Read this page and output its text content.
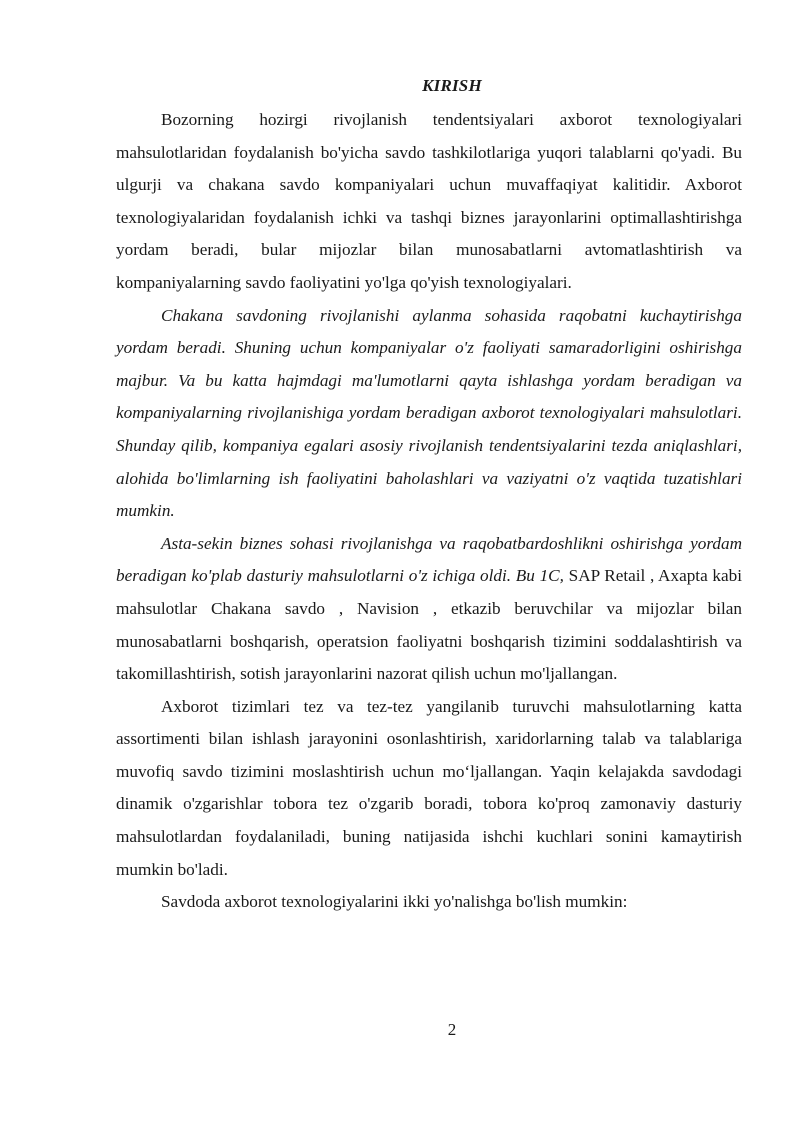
KIRISH

Bozorning hozirgi rivojlanish tendentsiyalari axborot texnologiyalari mahsulotlaridan foydalanish bo'yicha savdo tashkilotlariga yuqori talablarni qo'yadi. Bu ulgurji va chakana savdo kompaniyalari uchun muvaffaqiyat kalitidir. Axborot texnologiyalaridan foydalanish ichki va tashqi biznes jarayonlarini optimallashtirishga yordam beradi, bular mijozlar bilan munosabatlarni avtomatlashtirish va kompaniyalarning savdo faoliyatini yo'lga qo'yish texnologiyalari.

Chakana savdoning rivojlanishi aylanma sohasida raqobatni kuchaytirishga yordam beradi. Shuning uchun kompaniyalar o'z faoliyati samaradorligini oshirishga majbur. Va bu katta hajmdagi ma'lumotlarni qayta ishlashga yordam beradigan va kompaniyalarning rivojlanishiga yordam beradigan axborot texnologiyalari mahsulotlari. Shunday qilib, kompaniya egalari asosiy rivojlanish tendentsiyalarini tezda aniqlashlari, alohida bo'limlarning ish faoliyatini baholashlari va vaziyatni o'z vaqtida tuzatishlari mumkin.

Asta-sekin biznes sohasi rivojlanishga va raqobatbardoshlikni oshirishga yordam beradigan ko'plab dasturiy mahsulotlarni o'z ichiga oldi. Bu 1C, SAP Retail , Axapta kabi mahsulotlar Chakana savdo , Navision , etkazib beruvchilar va mijozlar bilan munosabatlarni boshqarish, operatsion faoliyatni boshqarish tizimini soddalashtirish va takomillashtirish, sotish jarayonlarini nazorat qilish uchun mo'ljallangan.

Axborot tizimlari tez va tez-tez yangilanib turuvchi mahsulotlarning katta assortimenti bilan ishlash jarayonini osonlashtirish, xaridorlarning talab va talablariga muvofiq savdo tizimini moslashtirish uchun mo‘ljallangan. Yaqin kelajakda savdodagi dinamik o'zgarishlar tobora tez o'zgarib boradi, tobora ko'proq zamonaviy dasturiy mahsulotlardan foydalaniladi, buning natijasida ishchi kuchlari sonini kamaytirish mumkin bo'ladi.

Savdoda axborot texnologiyalarini ikki yo'nalishga bo'lish mumkin:

2
